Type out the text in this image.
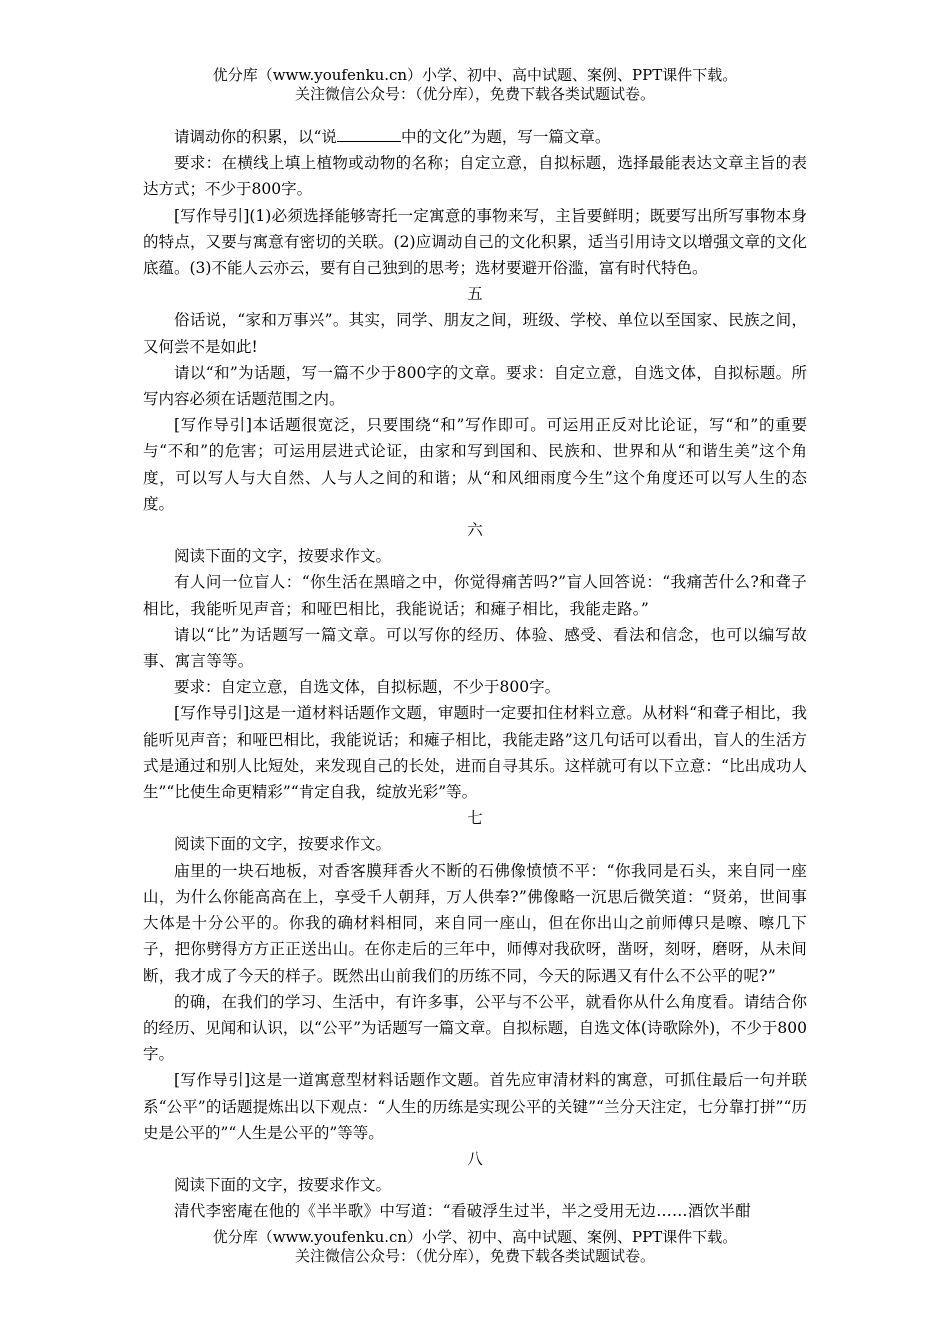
优分库（www.youfenku.cn）小学、初中、高中试题、案例、PPT课件下载。
关注微信公众号：（优分库），免费下载各类试题试卷。

请调动你的积累，以“说	中的文化”为题，写一篇文章。

要求：在横线上填上植物或动物的名称；自定立意，自拟标题，选择最能表达文章主旨的表达方式；不少于800字。

[写作导引](1)必须选择能够寄托一定寓意的事物来写，主旨要鲜明；既要写出所写事物本身的特点，又要与寓意有密切的关联。(2)应调动自己的文化积累，适当引用诗文以增强文章的文化底蕴。(3)不能人云亦云，要有自己独到的思考；选材要避开俗滥，富有时代特色。

五

俗话说，“家和万事兴”。其实，同学、朋友之间，班级、学校、单位以至国家、民族之间，又何尝不是如此!

请以“和”为话题，写一篇不少于800字的文章。要求：自定立意，自选文体，自拟标题。所写内容必须在话题范围之内。

[写作导引]本话题很宽泛，只要围绕“和”写作即可。可运用正反对比论证，写“和”的重要与“不和”的危害；可运用层进式论证，由家和写到国和、民族和、世界和从“和谐生美”这个角度，可以写人与大自然、人与人之间的和谐；从“和风细雨度今生”这个角度还可以写人生的态度。

六

阅读下面的文字，按要求作文。

有人问一位盲人：“你生活在黑暗之中，你觉得痛苦吗?”盲人回答说：“我痛苦什么?和聋子相比，我能听见声音；和哑巴相比，我能说话；和瘫子相比，我能走路。”

请以“比”为话题写一篇文章。可以写你的经历、体验、感受、看法和信念，也可以编写故事、寓言等等。

要求：自定立意，自选文体，自拟标题，不少于800字。

[写作导引]这是一道材料话题作文题，审题时一定要扣住材料立意。从材料“和聋子相比，我能听见声音；和哑巴相比，我能说话；和瘫子相比，我能走路”这几句话可以看出，盲人的生活方式是通过和别人比短处，来发现自己的长处，进而自寻其乐。这样就可有以下立意：“比出成功人生”“比使生命更精彩”“肯定自我，绽放光彩”等。

七

阅读下面的文字，按要求作文。

庙里的一块石地板，对香客膜拜香火不断的石佛像愤愤不平：“你我同是石头，来自同一座山，为什么你能高高在上，享受千人朝拜，万人供奉?”佛像略一沉思后微笑道：“贤弟，世间事大体是十分公平的。你我的确材料相同，来自同一座山，但在你出山之前师傅只是嚓、嚓几下子，把你劈得方方正正送出山。在你走后的三年中，师傅对我砍呀，凿呀，刻呀，磨呀，从未间断，我才成了今天的样子。既然出山前我们的历练不同，今天的际遇又有什么不公平的呢?”

的确，在我们的学习、生活中，有许多事，公平与不公平，就看你从什么角度看。请结合你的经历、见闻和认识，以“公平”为话题写一篇文章。自拟标题，自选文体(诗歌除外)，不少于800字。

[写作导引]这是一道寓意型材料话题作文题。首先应审清材料的寓意，可抓住最后一句并联系“公平”的话题提炼出以下观点：“人生的历练是实现公平的关键”“兰分天注定，七分靠打拼”“历史是公平的”“人生是公平的”等等。

八

阅读下面的文字，按要求作文。

清代李密庵在他的《半半歌》中写道：“看破浮生过半，半之受用无边……酒饮半酣

优分库（www.youfenku.cn）小学、初中、高中试题、案例、PPT课件下载。
关注微信公众号：（优分库），免费下载各类试题试卷。
